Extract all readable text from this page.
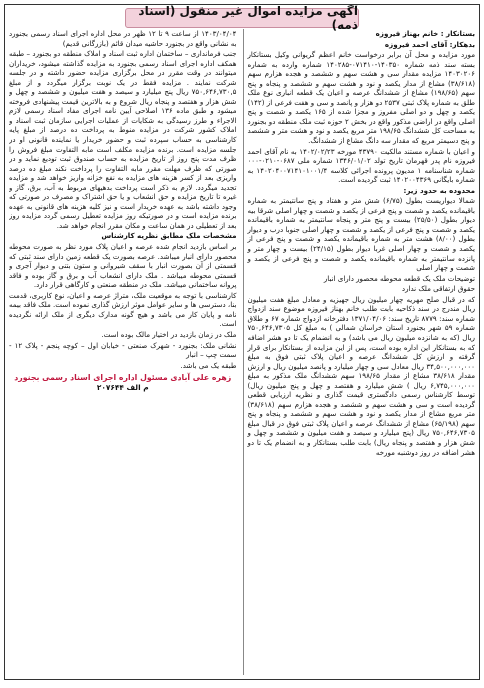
آگهی مزایده اموال غیر منقول (اسناد ذمه)

بستانکار : خانم بهناز فیروزه

بدهکار: آقای احمد فیروزه

مورد مزایده و محل آن برابر درخواست خانم اعظم گریوانی وکیل بستانکار بسته سند ذمه شماره ۱۴۰۳۵۰-۰۷۱۴۱۰-۱۴۰۲۸۵ شماره وارده به شماره ۱۴۰۳۰۲۰۶ مزایده مقدار سی و هشت سهم و ششصد و هجده هزارم سهم (۳۸/۶۱۸) مشاع از مدار یکصد و نود و هشت سهم و ششصد و پنجاه و پنج سهم (۱۹۸/۶۵) مشاع از ششدانگ عرصه و اعیان یک قطعه انباری نوع ملک طلق به شماره پلاک ثبتی ۲۵۳۷ دو هزار و پانصد و سی و هفت فرعی از (۱۴۲) یکصد و چهل و دو اصلی مفروز و مجزا شده از ۱۶۵ یکصد و شصت و پنج اصلی واقع در اراضی مذکور واقع در بخش ۲ حوزه ثبت ملک منطقه دو بجنورد به مساحت کل ششدانگ ۱۹۸/۶۵ متر مربع یکصد و نود و هشت متر و ششصد و پنج دسیمتر مربع که مقدار سه دانگ مشاع از ششدانگ.

و اعیان با شماره مستند مالکیت ۴۳۷۹۰ مورخه ۱۴۰۲/۰۲/۲۳ به نام آقای احمد فیروزه نام پدر قهرمان تاریخ تولد ۱۳۴۶/۰۱/۰۲ شماره ملی ۰۶۸۷-۰۲۱۰-۰۰۰ شماره شناسنامه ۱ مدیون پرونده اجرائی کلاسه ۱۴۰۲۰۴۰۰۷۱۴۱۰۱۰۰۱/۴ به شماره بایگانی ۱۴۰۲۰۰۴۳۶۹ ثبت گردیده است.

محدوده به حدود زیر:

شمالا دیواریست بطول (۶/۷۵) شش متر و هفتاد و پنج سانتیمتر به شماره باقیمانده یکصد و شصت و پنج فرعی از یکصد و شصت و چهار اصلی شرقا بیه دیوار بطول (۲۵/۵۰) بیست و پنج متر و پنجاه سانتیمتر به شماره باقیمانده یکصد و شصت و پنج فرعی از یکصد و شصت و چهار اصلی جنوبا درب و دیوار بطول (۸/۰۰) هشت متر به شماره باقیمانده یکصد و شصت و پنج فرعی از یکصد و شصت و چهار اصلی غربا دیوار بطول (۲۴/۱۵) بیست و چهار متر و پانزده سانتیمتر به شماره باقیمانده یکصد و شصت و پنج فرعی از یکصد و شصت و چهار اصلی

توضیحات ملک یک قطعه محوطه محصور دارای انبار

حقوق ارتفاقی ملک ندارد

که در قبال صلح مهریه چهار میلیون ریال جهیزیه و معادل مبلغ هفت میلیون ریال مندرج در سند ذکاحیه بابت طلب خانم بهناز فیروزه موضوع سند ازدواج شماره سند: ۸۷۷۹ تاریخ سند: ۱۳۷۱/۰۴/۰۶ دفترخانه ازدواج شماره ۶۷ و طلاق شماره ۵۹ شهر بجنورد استان خراسان شمالی ) به مبلغ کل ۷۵۰,۶۴۶,۷۳۰۵ ریال (که به شانزده میلیون ریال می باشد) و به انضمام یک تا دو هشر اضافه که به بستانکار این اداره بوده است، پس از این مزایده از بستانکار برای قرار گرفته و ارزش کل ششدانگ عرصه و اعیان پلاک ثبتی فوق به مبلغ ۳۴,۵۰۰,۰۰۰,۰۰۰ ریال معادل سی و چهار میلیارد و پانصد میلیون ریال و ارزش مقدار ۳۸/۶۱۸ مشاع از مقدار ۱۹۸/۶۵ سهم ششدانگ ملک مذکور به مبلغ ۶,۷۴۵,۰۰۰,۰۰۰ ریال ) شش میلیارد و هفتصد و چهل و پنج میلیون ریال) توسط کارشناس رسمی دادگستری قیمت گذاری و نظریه ارزیابی قطعی گردیده است و سی و هشت سهم و ششصد و هجده هزارم سهم (۳۸/۶۱۸) متر مربع مشاع از مدار یکصد و نود و هشت سهم و ششصد و پنجاه و پنج سهم (۶۵/۱۹۸) مشاع از ششدانگ عرصه و اعیان پلاک ثبتی فوق در قبال مبلغ ۷۵۰,۶۴۶,۷۳۰۵ ریال (پنج میلیارد و سیصد و هفت میلیون و ششصد و چهل و شش هزار و هفتصد و پنجاه ریال) بابت طلب بستانکار و به انضمام یک تا دو هشر اضافه در روز دوشنبه مورخه

۱۴۰۳/۰۴/۰۴ از ساعت ۹ تا ۱۲ ظهر در محل اداره اجرای اسناد رسمی بجنورد به نشانی واقع در بجنورد حاشیه میدان قائم (بازرگانی قدیم)

جنب فرمانداری – ساختمان اداره ثبت اسناد و املاک منطقه دو بجنورد – طبقه همکف اداره اجرای اسناد رسمی بجنورد به مزایده گذاشته میشود، خریداران میتوانند در وقت مقرر در محل برگزاری مزایده حضور داشته و در جلسه شرکت نمایند . مزایده فقط در یک نوبت برگزار میگردد و از مبلغ ۷۵۰,۶۴۶,۷۳۰,۵ ریال پنج میلیارد و سیصد و هفت میلیون و ششصد و چهل و شش هزار و هفتصد و پنجاه ریال شروع و به بالاترین قیمت پیشنهادی فروخته میشود و طبق ماده ۱۳۶ اصلاحی آیین نامه اجرای مفاد اسناد رسمی لازم الاجراء و طرز رسیدگی به شکایات از عملیات اجرایی سازمان ثبت اسناد و املاک کشور شرکت در مزایده منوط به پرداخت ده درصد از مبلغ پایه کارشناسی به حساب سپرده ثبت و حضور خریدار یا نماینده قانونی او در جلسه مزایده است. برنده مزایده مکلف است مابه التفاوت مبلغ فروش را ظرف مدت پنج روز از تاریخ مزایده به حساب صندوق ثبت تودیع نماید و در صورتی که ظرف مهلت مقرر مابه التفاوت را پرداخت نکند مبلغ ده درصد واریزی بعد از کسر هزینه های مزایده به نفع خزانه واریز خواهد شد و مزایده تجدید میگردد. لازم به ذکر است پرداخت بدهیهای مربوط به آب، برق، گاز و غیره تا تاریخ مزایده و حق انشعاب و یا حق اشتراک و مصرف در صورتی که وجود داشته باشد به عهده خریدار است و نیز کلیه هزینه های قانونی به عهده برنده مزایده است و در صورتیکه روز مزایده تعطیل رسمی گردد مزایده روز بعد از تعطیلی در همان ساعت و مکان مقرر انجام خواهد شد.

مشخصات ملک مطابق نظریه کارشناس

بر اساس بازدید انجام شده عرصه و اعیان پلاک مورد نظر به صورت محوطه محصور دارای انبار میباشد. عرصه بصورت یک قطعه زمین دارای سند ثبتی که قسمتی از آن بصورت انبار با سقف شیروانی و ستون بتنی و دیوار آجری و قسمتی محوطه میباشد . ملک دارای انشعاب آب و برق و گاز بوده و فاقد پروانه ساختمانی میباشد. ملک در منطقه صنعتی و کارگاهی قرار دارد.

کارشناسی با توجه به موقعیت ملک، متراژ عرصه و اعیان، نوع کاربری، قدمت بنا، دسترسی ها و سایر عوامل موثر ارزش گذاری نموده است. ملک فاقد بیمه نامه و پایان کار می باشد و هیچ گونه مدارک دیگری از ملک ارائه نگردیده است.

ملک در زمان بازدید در اختیار مالک بوده است.

نشانی ملک: بجنورد - شهرک صنعتی - خیابان اول – کوچه پنجم - پلاک ۱۲ - سمت چپ – انبار

طبقه یک می باشد.

زهره علی آبادی مسئول اداره اجرای اسناد رسمی بجنورد
م الف ۲۰۷۶۴۴
